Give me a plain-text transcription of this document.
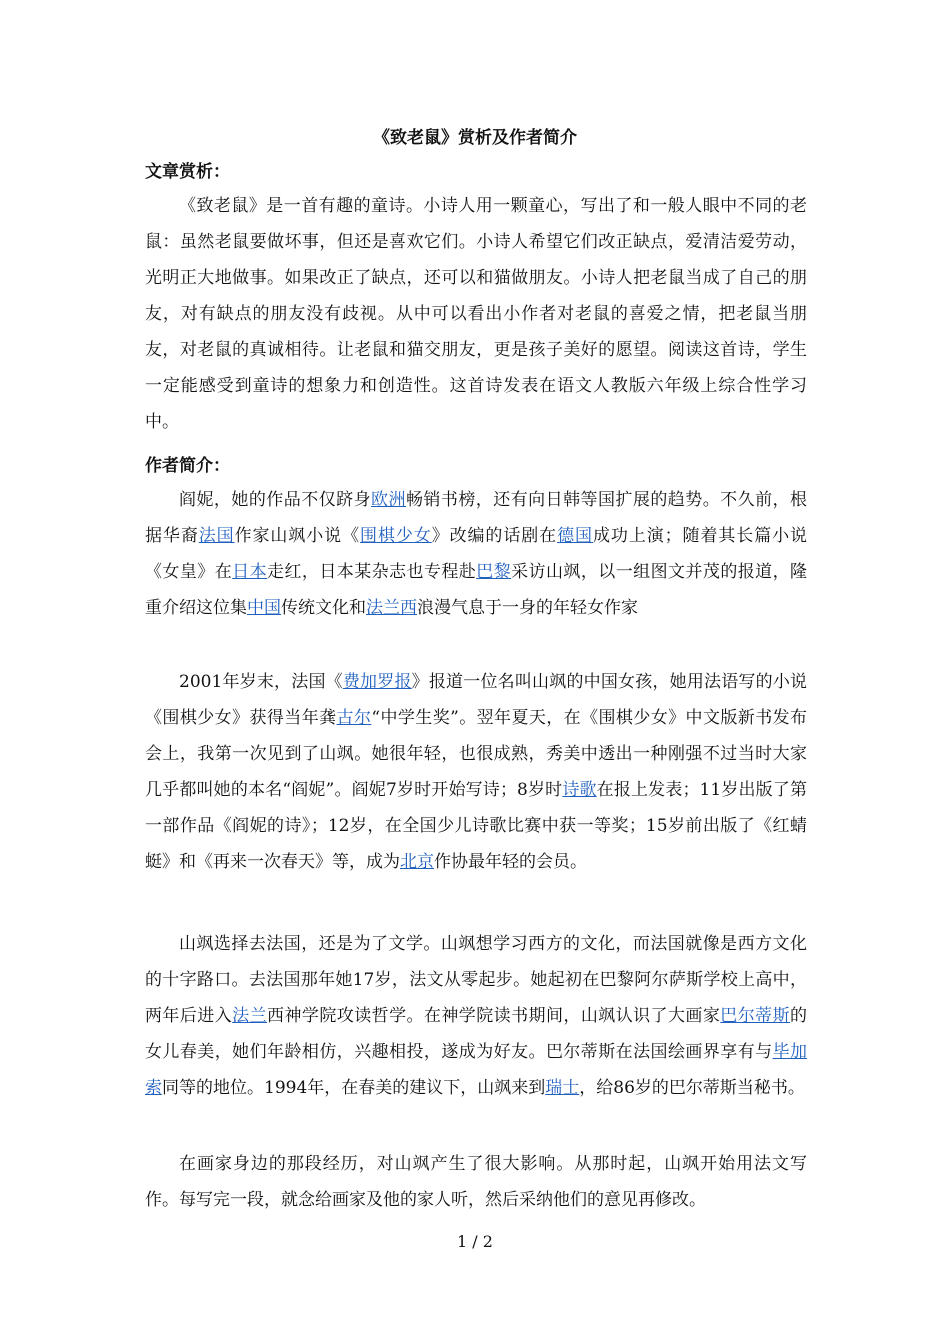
《致老鼠》赏析及作者简介
文章赏析：

《致老鼠》是一首有趣的童诗。小诗人用一颗童心，写出了和一般人眼中不同的老鼠：虽然老鼠要做坏事，但还是喜欢它们。小诗人希望它们改正缺点，爱清洁爱劳动，光明正大地做事。如果改正了缺点，还可以和猫做朋友。小诗人把老鼠当成了自己的朋友，对有缺点的朋友没有歧视。从中可以看出小作者对老鼠的喜爱之情，把老鼠当朋友，对老鼠的真诚相待。让老鼠和猫交朋友，更是孩子美好的愿望。阅读这首诗，学生一定能感受到童诗的想象力和创造性。这首诗发表在语文人教版六年级上综合性学习中。

作者简介：

阎妮，她的作品不仅跻身欧洲畅销书榜，还有向日韩等国扩展的趋势。不久前，根据华裔法国作家山飒小说《围棋少女》改编的话剧在德国成功上演；随着其长篇小说《女皇》在日本走红，日本某杂志也专程赴巴黎采访山飒，以一组图文并茂的报道，隆重介绍这位集中国传统文化和法兰西浪漫气息于一身的年轻女作家

2001年岁末，法国《费加罗报》报道一位名叫山飒的中国女孩，她用法语写的小说《围棋少女》获得当年龚古尔“中学生奖”。翌年夏天，在《围棋少女》中文版新书发布会上，我第一次见到了山飒。她很年轻，也很成熟，秀美中透出一种刚强不过当时大家几乎都叫她的本名“阎妮”。阎妮7岁时开始写诗；8岁时诗歌在报上发表；11岁出版了第一部作品《阎妮的诗》；12岁，在全国少儿诗歌比赛中获一等奖；15岁前出版了《红蜻蜓》和《再来一次春天》等，成为北京作协最年轻的会员。

山飒选择去法国，还是为了文学。山飒想学习西方的文化，而法国就像是西方文化的十字路口。去法国那年她17岁，法文从零起步。她起初在巴黎阿尔萨斯学校上高中，两年后进入法兰西神学院攻读哲学。在神学院读书期间，山飒认识了大画家巴尔蒂斯的女儿春美，她们年龄相仿，兴趣相投，遂成为好友。巴尔蒂斯在法国绘画界享有与毕加索同等的地位。1994年，在春美的建议下，山飒来到瑞士，给86岁的巴尔蒂斯当秘书。

在画家身边的那段经历，对山飒产生了很大影响。从那时起，山飒开始用法文写作。每写完一段，就念给画家及他的家人听，然后采纳他们的意见再修改。

1 / 2
